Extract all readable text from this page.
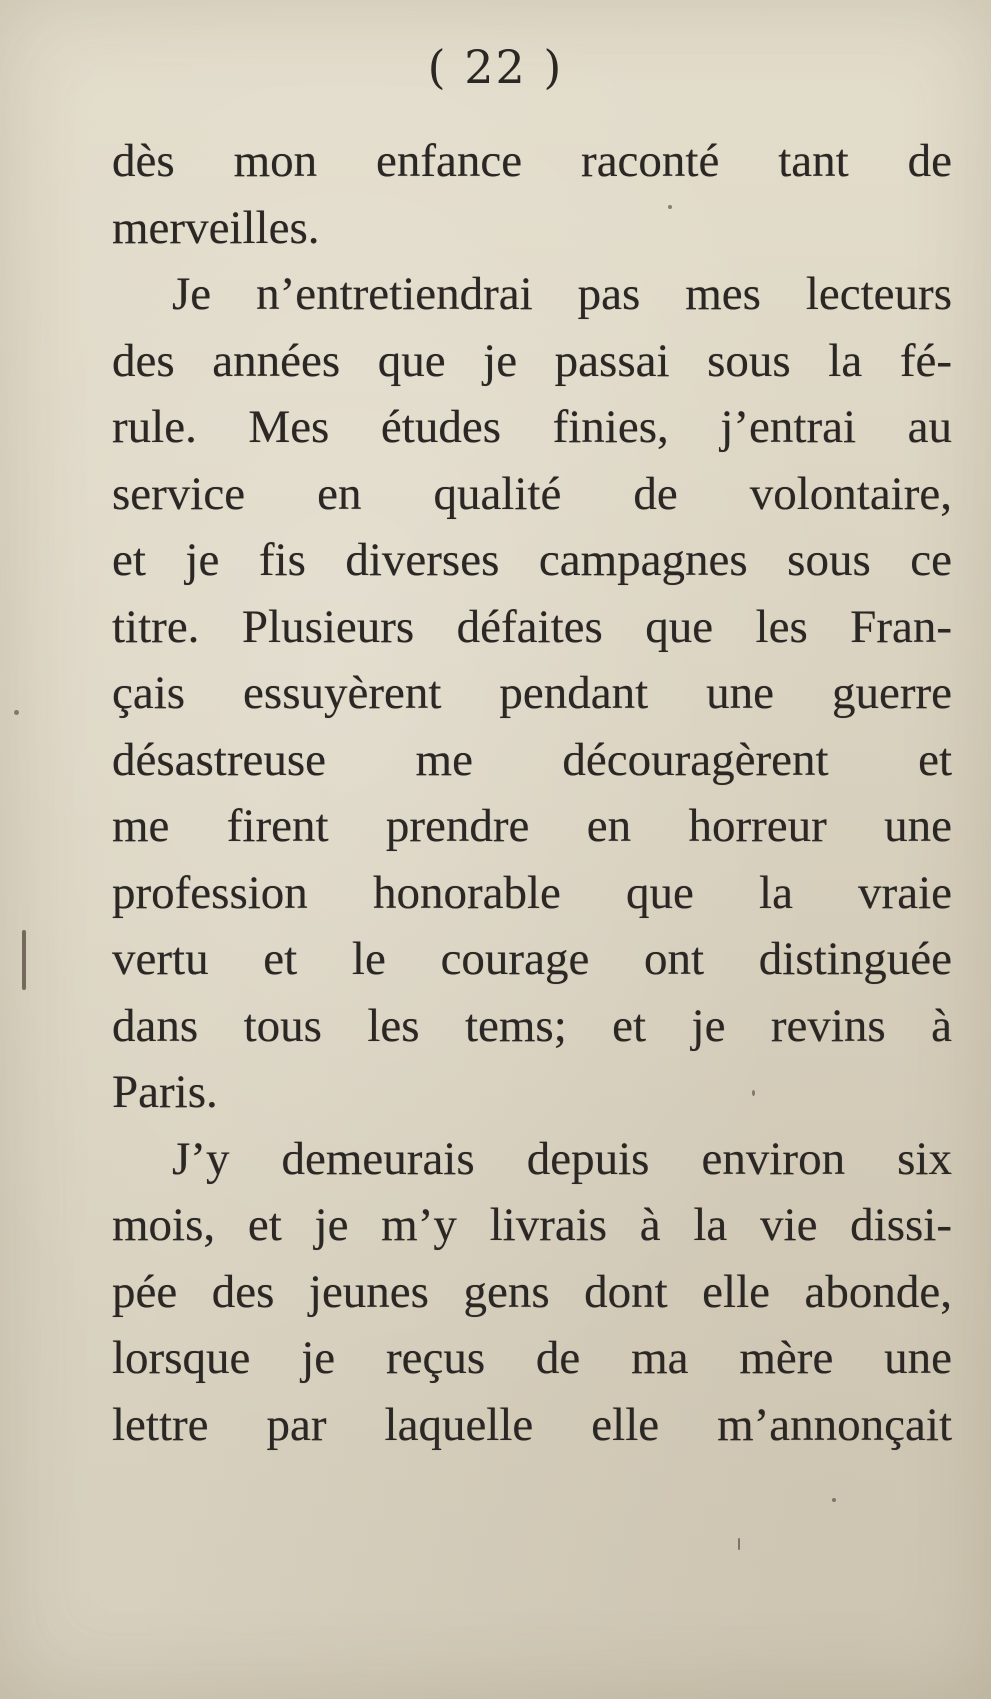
( 22 )
dès mon enfance raconté tant de
merveilles.
Je n’entretiendrai pas mes lecteurs
des années que je passai sous la fé-
rule. Mes études finies, j’entrai au
service en qualité de volontaire,
et je fis diverses campagnes sous ce
titre. Plusieurs défaites que les Fran-
çais essuyèrent pendant une guerre
désastreuse me découragèrent et
me firent prendre en horreur une
profession honorable que la vraie
vertu et le courage ont distinguée
dans tous les tems; et je revins à
Paris.
J’y demeurais depuis environ six
mois, et je m’y livrais à la vie dissi-
pée des jeunes gens dont elle abonde,
lorsque je reçus de ma mère une
lettre par laquelle elle m’annonçait
